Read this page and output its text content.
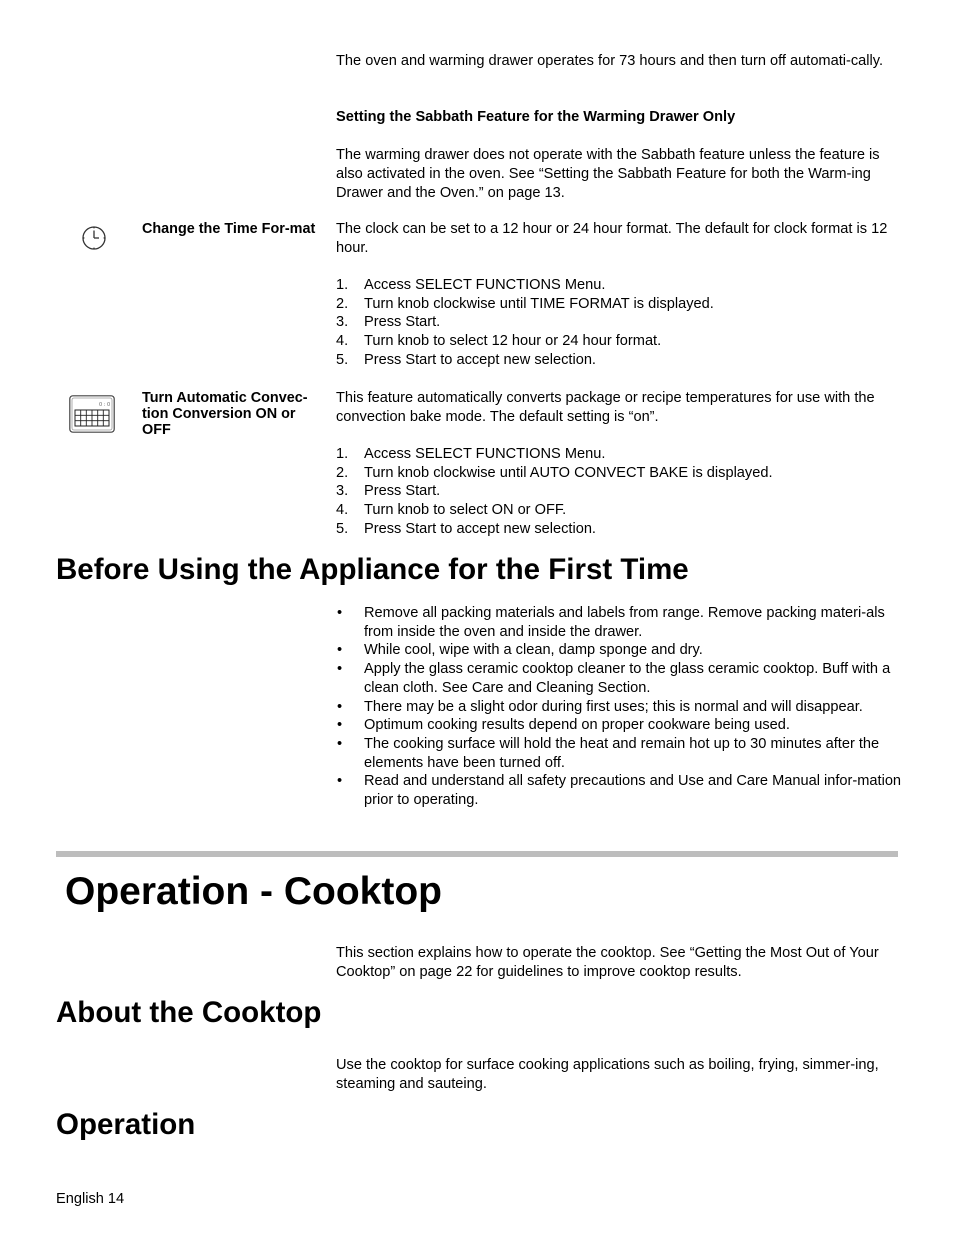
The oven and warming drawer operates for 73 hours and then turn off automati-cally.
Setting the Sabbath Feature for the Warming Drawer Only
The warming drawer does not operate with the Sabbath feature unless the feature is also activated in the oven. See “Setting the Sabbath Feature for both the Warm-ing Drawer and the Oven.” on page 13.
Change the Time For-mat	The clock can be set to a 12 hour or 24 hour format. The default for clock format is 12 hour.
1. Access SELECT FUNCTIONS Menu.
2. Turn knob clockwise until TIME FORMAT is displayed.
3. Press Start.
4. Turn knob to select 12 hour or 24 hour format.
5. Press Start to accept new selection.
0 : 0 Turn Automatic Convec-tion Conversion ON or OFF
This feature automatically converts package or recipe temperatures for use with the convection bake mode. The default setting is “on”.
1. Access SELECT FUNCTIONS Menu.
2. Turn knob clockwise until AUTO CONVECT BAKE is displayed.
3. Press Start.
4. Turn knob to select ON or OFF.
5. Press Start to accept new selection.
Before Using the Appliance for the First Time
• Remove all packing materials and labels from range. Remove packing materi-als from inside the oven and inside the drawer.
• While cool, wipe with a clean, damp sponge and dry.
• Apply the glass ceramic cooktop cleaner to the glass ceramic cooktop. Buff with a clean cloth. See Care and Cleaning Section.
• There may be a slight odor during first uses; this is normal and will disappear.
• Optimum cooking results depend on proper cookware being used.
• The cooking surface will hold the heat and remain hot up to 30 minutes after the elements have been turned off.
• Read and understand all safety precautions and Use and Care Manual infor-mation prior to operating.
Operation - Cooktop
This section explains how to operate the cooktop. See “Getting the Most Out of Your Cooktop” on page 22 for guidelines to improve cooktop results.
About the Cooktop
Use the cooktop for surface cooking applications such as boiling, frying, simmer-ing, steaming and sauteing.
Operation
English 14
